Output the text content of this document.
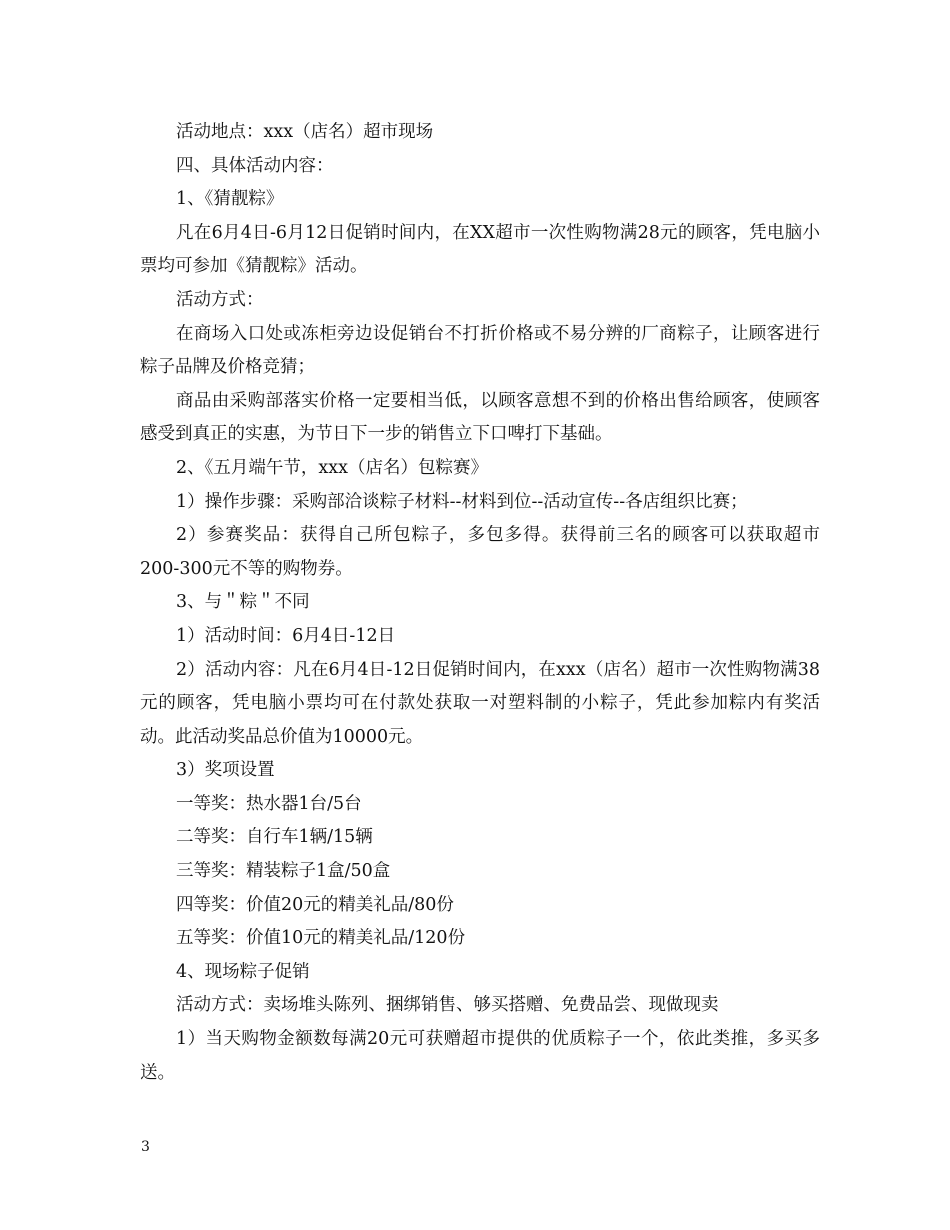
活动地点：xxx（店名）超市现场

四、具体活动内容：

1、《猜靓粽》

凡在6月4日-6月12日促销时间内，在XX超市一次性购物满28元的顾客，凭电脑小票均可参加《猜靓粽》活动。

活动方式：

在商场入口处或冻柜旁边设促销台不打折价格或不易分辨的厂商粽子，让顾客进行粽子品牌及价格竞猜；

商品由采购部落实价格一定要相当低，以顾客意想不到的价格出售给顾客，使顾客感受到真正的实惠，为节日下一步的销售立下口啤打下基础。

2、《五月端午节，xxx（店名）包粽赛》

1）操作步骤：采购部洽谈粽子材料--材料到位--活动宣传--各店组织比赛；

2）参赛奖品：获得自己所包粽子，多包多得。获得前三名的顾客可以获取超市200-300元不等的购物券。

3、与＂粽＂不同

1）活动时间：6月4日-12日

2）活动内容：凡在6月4日-12日促销时间内，在xxx（店名）超市一次性购物满38元的顾客，凭电脑小票均可在付款处获取一对塑料制的小粽子，凭此参加粽内有奖活动。此活动奖品总价值为10000元。

3）奖项设置

一等奖：热水器1台/5台

二等奖：自行车1辆/15辆

三等奖：精装粽子1盒/50盒

四等奖：价值20元的精美礼品/80份

五等奖：价值10元的精美礼品/120份

4、现场粽子促销

活动方式：卖场堆头陈列、捆绑销售、够买搭赠、免费品尝、现做现卖

1）当天购物金额数每满20元可获赠超市提供的优质粽子一个，依此类推，多买多送。

3
